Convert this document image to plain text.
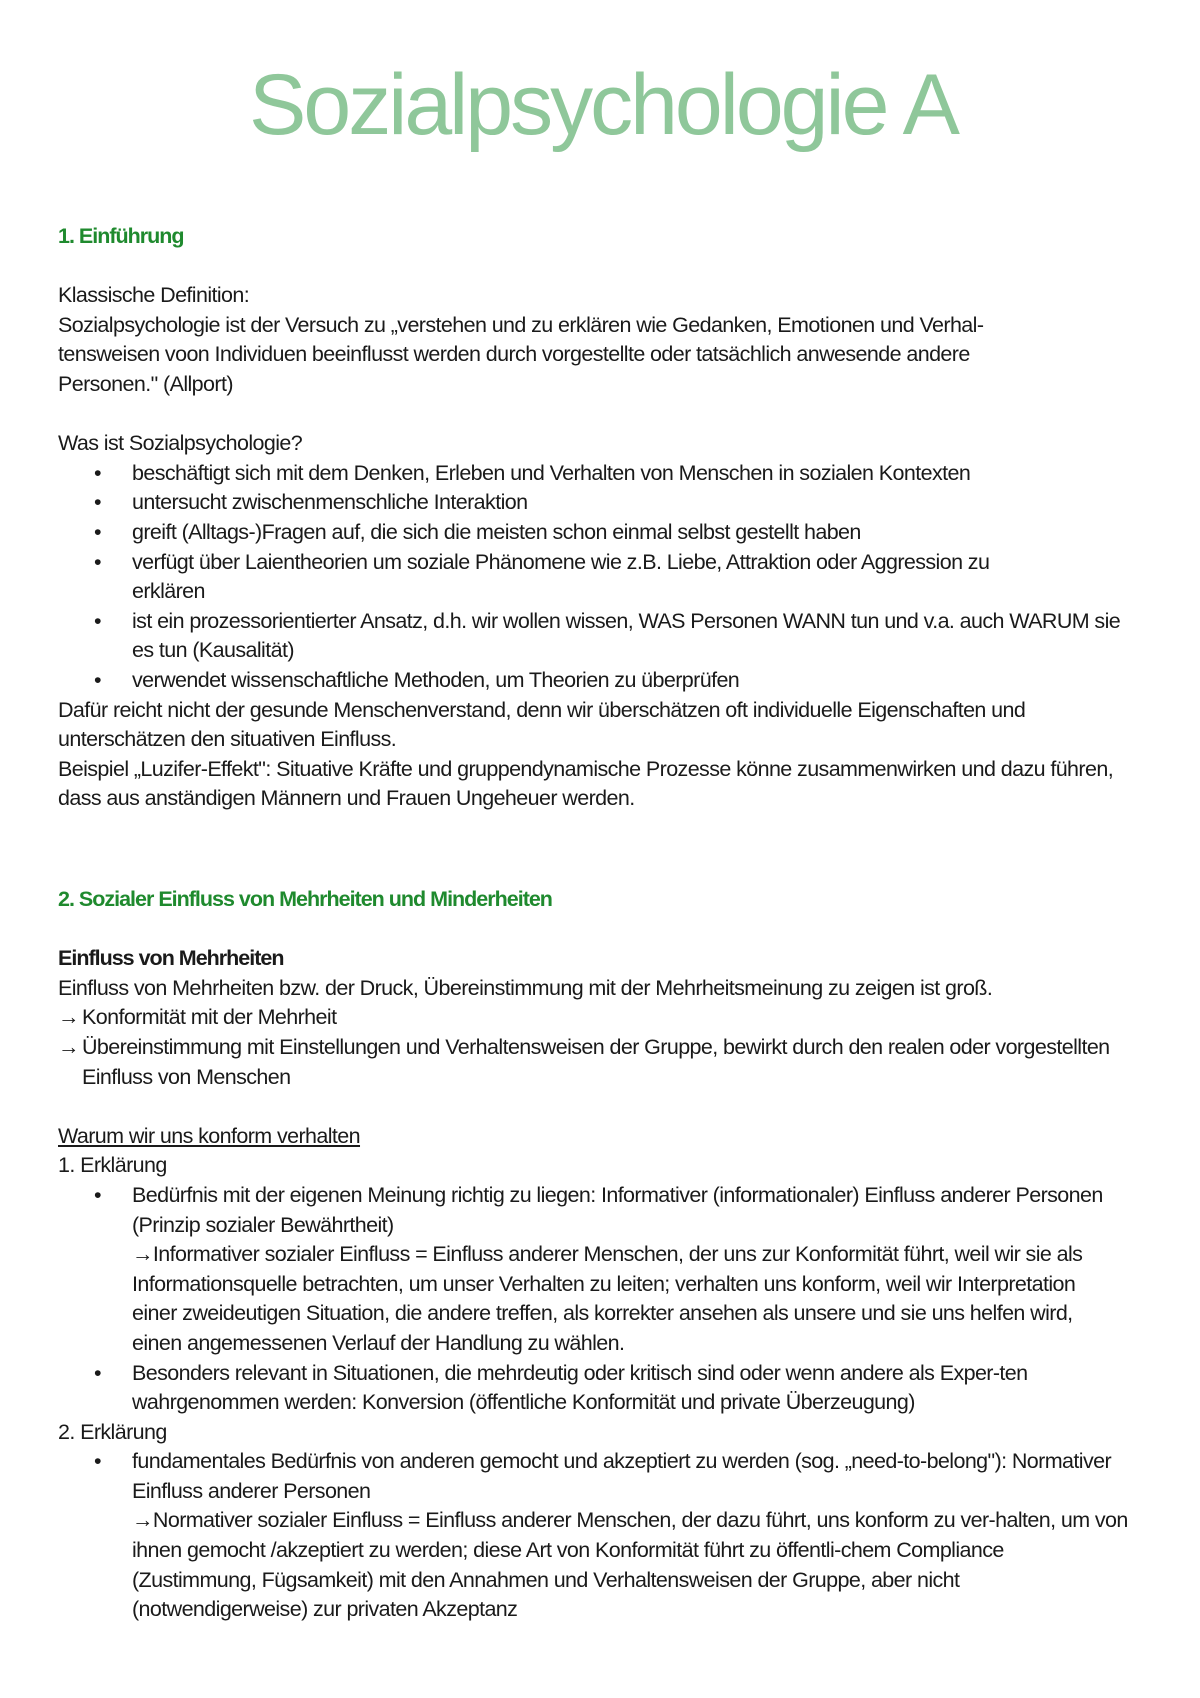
Sozialpsychologie A

1. Einführung

Klassische Definition:

Sozialpsychologie ist der Versuch zu „verstehen und zu erklären wie Gedanken, Emotionen und Verhal-tensweisen voon Individuen beeinflusst werden durch vorgestellte oder tatsächlich anwesende andere Personen." (Allport)

Was ist Sozialpsychologie?

• beschäftigt sich mit dem Denken, Erleben und Verhalten von Menschen in sozialen Kontexten
• untersucht zwischenmenschliche Interaktion
• greift (Alltags-)Fragen auf, die sich die meisten schon einmal selbst gestellt haben
• verfügt über Laientheorien um soziale Phänomene wie z.B. Liebe, Attraktion oder Aggression zu erklären
• ist ein prozessorientierter Ansatz, d.h. wir wollen wissen, WAS Personen WANN tun und v.a. auch WARUM sie es tun (Kausalität)
• verwendet wissenschaftliche Methoden, um Theorien zu überprüfen

Dafür reicht nicht der gesunde Menschenverstand, denn wir überschätzen oft individuelle Eigenschaften und unterschätzen den situativen Einfluss.

Beispiel „Luzifer-Effekt": Situative Kräfte und gruppendynamische Prozesse könne zusammenwirken und dazu führen, dass aus anständigen Männern und Frauen Ungeheuer werden.

2. Sozialer Einfluss von Mehrheiten und Minderheiten

Einfluss von Mehrheiten

Einfluss von Mehrheiten bzw. der Druck, Übereinstimmung mit der Mehrheitsmeinung zu zeigen ist groß.

→ Konformität mit der Mehrheit
→ Übereinstimmung mit Einstellungen und Verhaltensweisen der Gruppe, bewirkt durch den realen oder vorgestellten Einfluss von Menschen

Warum wir uns konform verhalten

1. Erklärung

• Bedürfnis mit der eigenen Meinung richtig zu liegen: Informativer (informationaler) Einfluss anderer Personen (Prinzip sozialer Bewährtheit)
→Informativer sozialer Einfluss = Einfluss anderer Menschen, der uns zur Konformität führt, weil wir sie als Informationsquelle betrachten, um unser Verhalten zu leiten; verhalten uns konform, weil wir Interpretation einer zweideutigen Situation, die andere treffen, als korrekter ansehen als unsere und sie uns helfen wird, einen angemessenen Verlauf der Handlung zu wählen.
• Besonders relevant in Situationen, die mehrdeutig oder kritisch sind oder wenn andere als Exper-ten wahrgenommen werden: Konversion (öffentliche Konformität und private Überzeugung)

2. Erklärung

• fundamentales Bedürfnis von anderen gemocht und akzeptiert zu werden (sog. „need-to-belong"): Normativer Einfluss anderer Personen
→Normativer sozialer Einfluss = Einfluss anderer Menschen, der dazu führt, uns konform zu ver-halten, um von ihnen gemocht /akzeptiert zu werden; diese Art von Konformität führt zu öffentli-chem Compliance (Zustimmung, Fügsamkeit) mit den Annahmen und Verhaltensweisen der Gruppe, aber nicht (notwendigerweise) zur privaten Akzeptanz
